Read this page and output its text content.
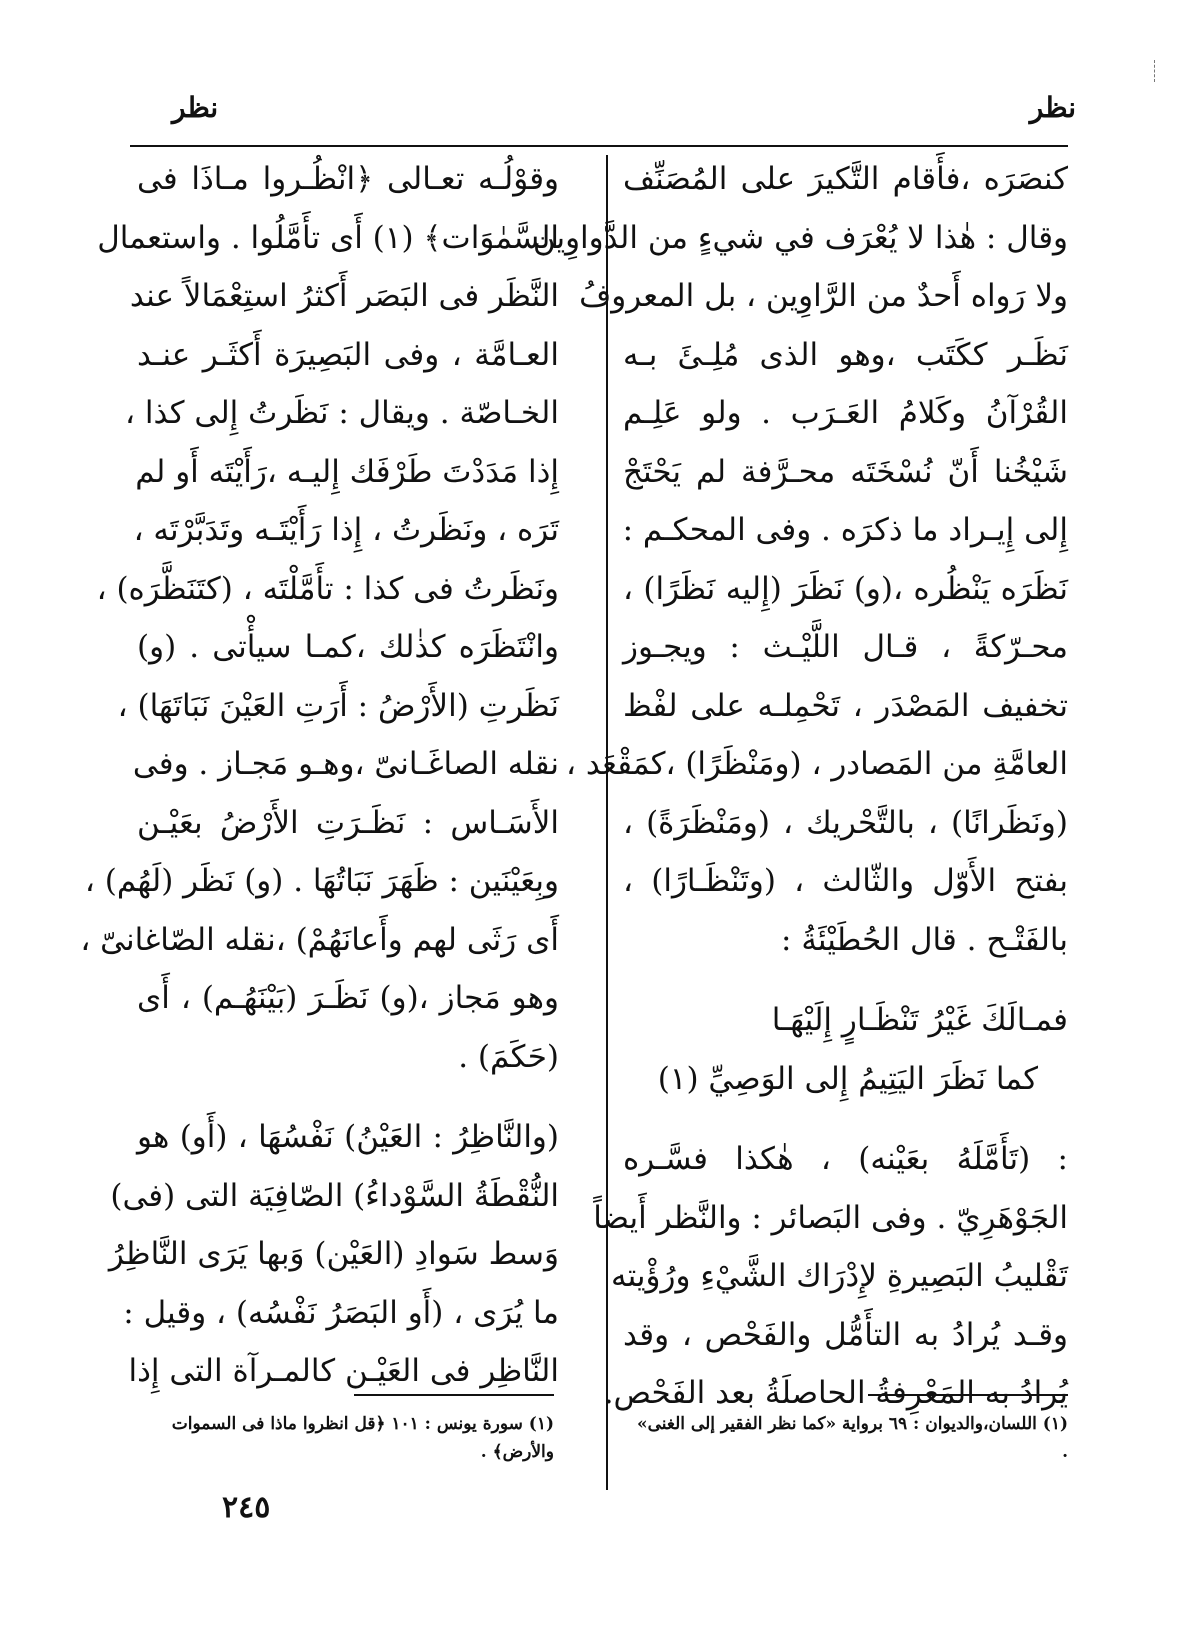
نظر
نظر
كنصَرَه ،فأَقام التَّكيرَ على المُصَنِّف
وقال : هٰذا لا يُعْرَف في شيءٍ من الدَّواوِين
ولا رَواه أَحدٌ من الرَّاوِين ، بل المعروفُ
نَظَـر ككَتَب ،وهو الذى مُلِـئَ بـه
القُرْآنُ وكَلامُ العَـرَب . ولو عَلِـم
شَيْخُنا أَنّ نُسْخَتَه محـرَّفة لم يَحْتَجْ
إِلى إِيـراد ما ذكرَه . وفى المحكـم :
نَظَرَه يَنْظُره ،(و) نَظَرَ (إِليه نَظَرًا) ،
محـرّكةً ، قـال اللَّيْـث : ويجـوز
تخفيف المَصْدَر ، تَحْمِلـه على لفْظ
العامَّةِ من المَصادر ، (ومَنْظَرًا) ،كمَقْعَد ،
(ونَظَرانًا) ، بالتَّحْريك ، (ومَنْظَرَةً) ،
بفتح الأَوّل والثّالث ، (وتَنْظَـارًا) ،
بالفَتْـح . قال الحُطَيْئَةُ :
فمـالَكَ غَيْرُ تَنْظَـارٍ إِلَيْهَـا
كما نَظَرَ اليَتِيمُ إِلى الوَصِيِّ (١)
: (تَأَمَّلَهُ بعَيْنه) ، هٰكذا فسَّـره
الجَوْهَرِيّ . وفى البَصائر : والنَّظر أَيضاً
تَقْليبُ البَصِيرةِ لإِدْرَاك الشَّيْءِ ورُؤْيته
وقـد يُرادُ به التأَمُّل والفَحْص ، وقد
يُرادُ به المَعْرِفةُ الحاصلَةُ بعد الفَحْص.
وقوْلُـه تعـالى ﴿انْظُـروا مـاذَا فى
السَّمٰوَات﴾ (١) أَى تأَمَّلُوا . واستعمال
النَّظَر فى البَصَر أَكثرُ استِعْمَالاً عند
العـامَّة ، وفى البَصِيرَة أَكثَـر عنـد
الخـاصّة . ويقال : نَظَرتُ إِلى كذا ،
إِذا مَدَدْتَ طَرْفَك إِليـه ،رَأَيْتَه أَو لم
تَرَه ، ونَظَرتُ ، إِذا رَأَيْتَـه وتَدَبَّرْتَه ،
ونَظَرتُ فى كذا : تأَمَّلْتَه ، (كتَنَظَّرَه) ،
وانْتَظَرَه كذٰلك ،كمـا سيأْتى . (و)
نَظَرتِ (الأَرْضُ : أَرَتِ العَيْنَ نَبَاتَهَا) ،
نقله الصاغَـانىّ ،وهـو مَجـاز . وفى
الأَسَـاس : نَظَـرَتِ الأَرْضُ بعَيْـن
وبِعَيْنَين : ظَهَرَ نَبَاتُهَا . (و) نَظَر (لَهُم) ،
أَى رَثَى لهم وأَعانَهُمْ) ،نقله الصّاغانىّ ،
وهو مَجاز ،(و) نَظَـرَ (بَيْنَهُـم) ، أَى
(حَكَمَ) .
(والنَّاظِرُ : العَيْنُ) نَفْسُهَا ، (أَو) هو
النُّقْطَةُ السَّوْداءُ) الصّافِيَة التى (فى)
وَسط سَوادِ (العَيْن) وَبها يَرَى النَّاظِرُ
ما يُرَى ، (أَو البَصَرُ نَفْسُه) ، وقيل :
النَّاظِر فى العَيْـن كالمـرآة التى إِذا
(١) اللسان،والديوان : ٦٩ برواية «كما نظر الفقير إلى الغنى» .
(١) سورة يونس : ١٠١ ﴿قل انظروا ماذا فى السموات والأرض﴾ .
٢٤٥
